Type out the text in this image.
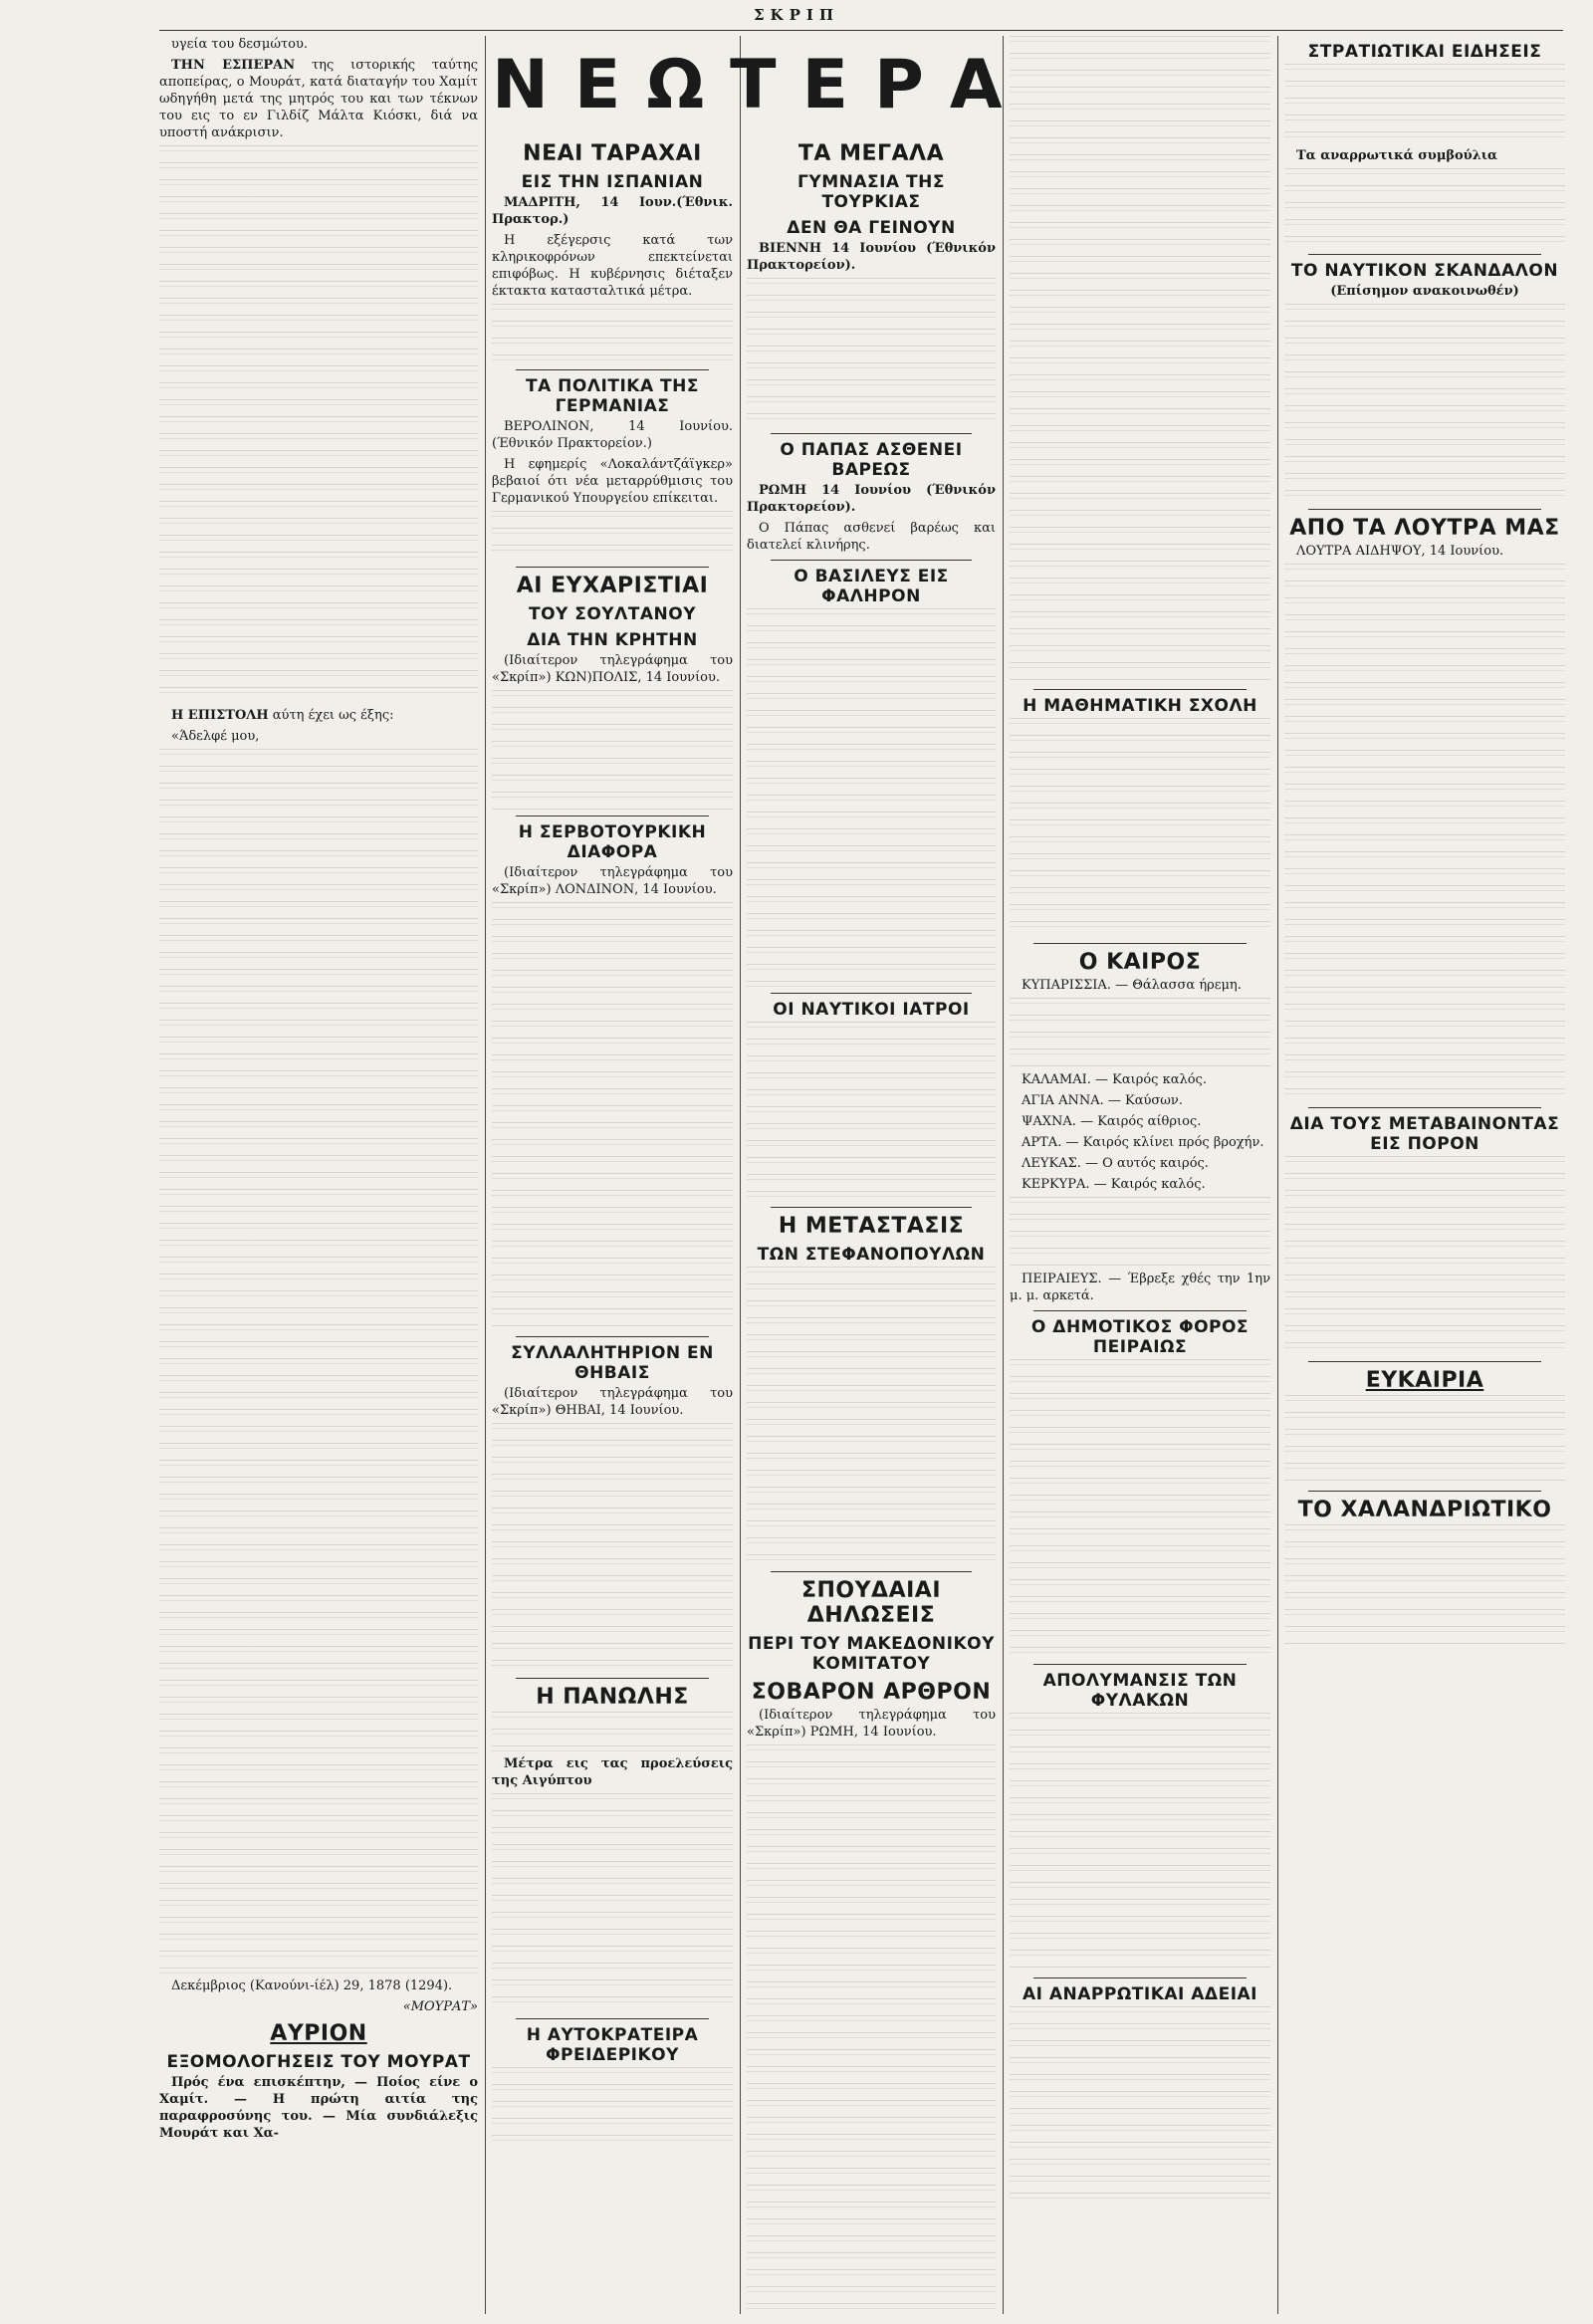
ΣΚΡΙΠ

υγεία του δεσμώτου.

ΤΗΝ ΕΣΠΕΡΑΝ της ιστορικής ταύτης αποπείρας, ο Μουράτ, κατά διαταγήν του Χαμίτ ωδηγήθη μετά της μητρός του και των τέκνων του εις το εν Γιλδίζ Μάλτα Κιόσκι, διά να υποστή ανάκρισιν.

Η ΕΠΙΣΤΟΛΗ αύτη έχει ως έξης:

«Άδελφέ μου,

Δεκέμβριος (Κανούνι-ίέλ) 29, 1878 (1294).

«ΜΟΥΡΑΤ»

ΑΥΡΙΟΝ
ΕΞΟΜΟΛΟΓΗΣΕΙΣ ΤΟΥ ΜΟΥΡΑΤ

Πρός ένα επισκέπτην, — Ποίος είνε ο Χαμίτ. — Η πρώτη αιτία της παραφροσύνης του. — Μία συνδιάλεξις Μουράτ και Χα-

ΝΕΩΤΕΡΑ
ΝΕΑΙ ΤΑΡΑΧΑΙ
ΕΙΣ ΤΗΝ ΙΣΠΑΝΙΑΝ

ΜΑΔΡΙΤΗ, 14 Ιουν.(Έθνικ. Πρακτορ.)

Η εξέγερσις κατά των κληρικοφρόνων επεκτείνεται επιφόβως. Η κυβέρνησις διέταξεν έκτακτα κατασταλτικά μέτρα.

ΤΑ ΠΟΛΙΤΙΚΑ ΤΗΣ ΓΕΡΜΑΝΙΑΣ

ΒΕΡΟΛΙΝΟΝ, 14 Ιουνίου. (Έθνικόν Πρακτορείον.)

Η εφημερίς «Λοκαλάντζάϊγκερ» βεβαιοί ότι νέα μεταρρύθμισις του Γερμανικού Υπουργείου επίκειται.

ΑΙ ΕΥΧΑΡΙΣΤΙΑΙ
ΤΟΥ ΣΟΥΛΤΑΝΟΥ
ΔΙΑ ΤΗΝ ΚΡΗΤΗΝ

(Ιδιαίτερον τηλεγράφημα του «Σκρίπ») ΚΩΝ)ΠΟΛΙΣ, 14 Ιουνίου.

Η ΣΕΡΒΟΤΟΥΡΚΙΚΗ ΔΙΑΦΟΡΑ

(Ιδιαίτερον τηλεγράφημα του «Σκρίπ») ΛΟΝΔΙΝΟΝ, 14 Ιουνίου.

ΣΥΛΛΑΛΗΤΗΡΙΟΝ ΕΝ ΘΗΒΑΙΣ

(Ιδιαίτερον τηλεγράφημα του «Σκρίπ») ΘΗΒΑΙ, 14 Ιουνίου.

Η ΠΑΝΩΛΗΣ

Μέτρα εις τας προελεύσεις της Αιγύπτου

Η ΑΥΤΟΚΡΑΤΕΙΡΑ ΦΡΕΙΔΕΡΙΚΟΥ
ΤΑ ΜΕΓΑΛΑ
ΓΥΜΝΑΣΙΑ ΤΗΣ ΤΟΥΡΚΙΑΣ
ΔΕΝ ΘΑ ΓΕΙΝΟΥΝ

ΒΙΕΝΝΗ 14 Ιουνίου (Έθνικόν Πρακτορείον).

Ο ΠΑΠΑΣ ΑΣΘΕΝΕΙ ΒΑΡΕΩΣ

ΡΩΜΗ 14 Ιουνίου (Έθνικόν Πρακτορείον).

Ο Πάπας ασθενεί βαρέως και διατελεί κλινήρης.

Ο ΒΑΣΙΛΕΥΣ ΕΙΣ ΦΑΛΗΡΟΝ
ΟΙ ΝΑΥΤΙΚΟΙ ΙΑΤΡΟΙ
Η ΜΕΤΑΣΤΑΣΙΣ
ΤΩΝ ΣΤΕΦΑΝΟΠΟΥΛΩΝ
ΣΠΟΥΔΑΙΑΙ ΔΗΛΩΣΕΙΣ
ΠΕΡΙ ΤΟΥ ΜΑΚΕΔΟΝΙΚΟΥ ΚΟΜΙΤΑΤΟΥ
ΣΟΒΑΡΟΝ ΑΡΘΡΟΝ

(Ιδιαίτερον τηλεγράφημα του «Σκρίπ») ΡΩΜΗ, 14 Ιουνίου.

Η ΜΑΘΗΜΑΤΙΚΗ ΣΧΟΛΗ
Ο ΚΑΙΡΟΣ

ΚΥΠΑΡΙΣΣΙΑ. — Θάλασσα ήρεμη.

ΚΑΛΑΜΑΙ. — Καιρός καλός.

ΑΓΙΑ ΑΝΝΑ. — Καύσων.

ΨΑΧΝΑ. — Καιρός αίθριος.

ΑΡΤΑ. — Καιρός κλίνει πρός βροχήν.

ΛΕΥΚΑΣ. — Ο αυτός καιρός.

ΚΕΡΚΥΡΑ. — Καιρός καλός.

ΠΕΙΡΑΙΕΥΣ. — Έβρεξε χθές την 1ην μ. μ. αρκετά.

Ο ΔΗΜΟΤΙΚΟΣ ΦΟΡΟΣ ΠΕΙΡΑΙΩΣ
ΑΠΟΛΥΜΑΝΣΙΣ ΤΩΝ ΦΥΛΑΚΩΝ
ΑΙ ΑΝΑΡΡΩΤΙΚΑΙ ΑΔΕΙΑΙ
ΣΤΡΑΤΙΩΤΙΚΑΙ ΕΙΔΗΣΕΙΣ

Τα αναρρωτικά συμβούλια

ΤΟ ΝΑΥΤΙΚΟΝ ΣΚΑΝΔΑΛΟΝ

(Επίσημον ανακοινωθέν)

ΑΠΟ ΤΑ ΛΟΥΤΡΑ ΜΑΣ

ΛΟΥΤΡΑ ΑΙΔΗΨΟΥ, 14 Ιουνίου.

ΔΙΑ ΤΟΥΣ ΜΕΤΑΒΑΙΝΟΝΤΑΣ ΕΙΣ ΠΟΡΟΝ
ΕΥΚΑΙΡΙΑ
ΤΟ ΧΑΛΑΝΔΡΙΩΤΙΚΟ
